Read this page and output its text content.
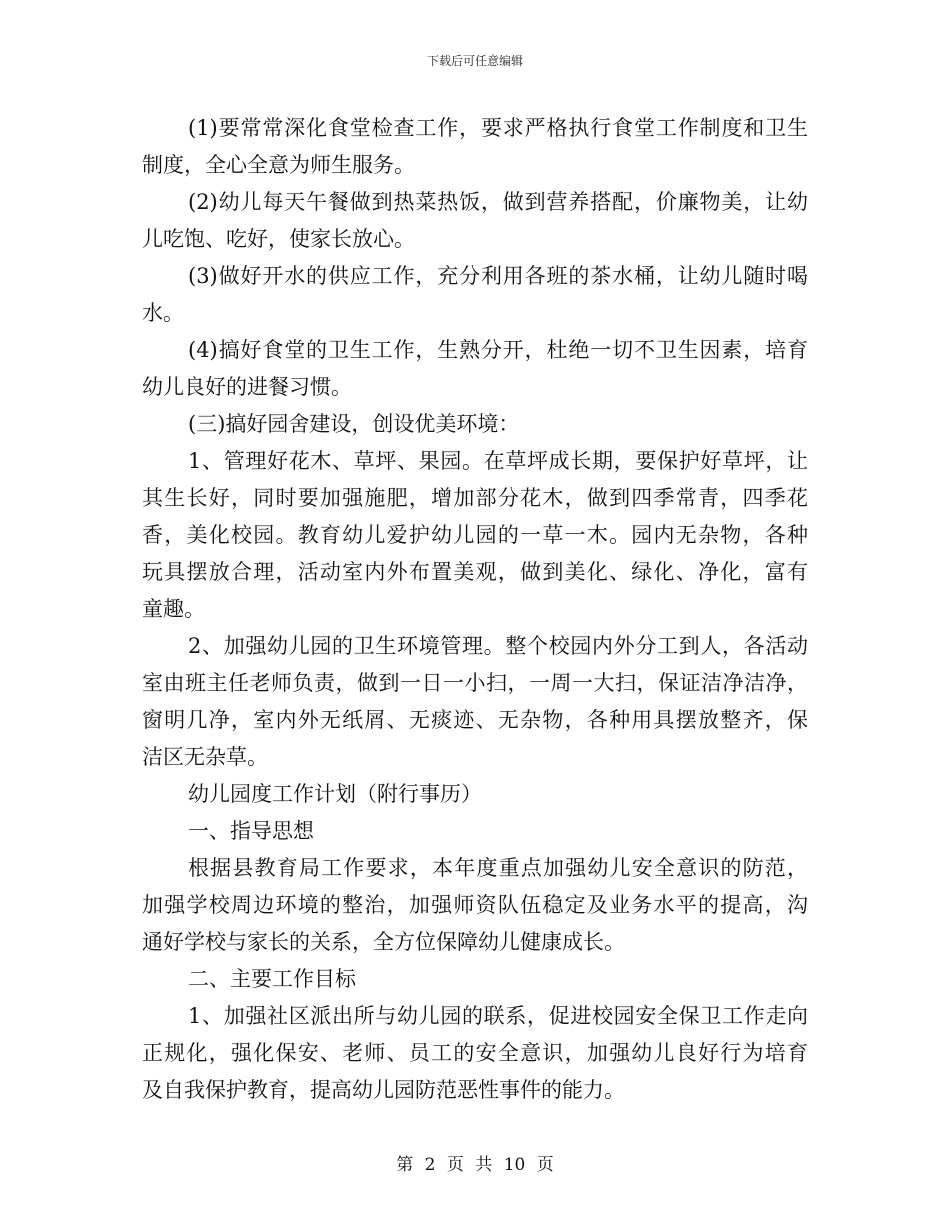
下载后可任意编辑
(1)要常常深化食堂检查工作，要求严格执行食堂工作制度和卫生
制度，全心全意为师生服务。
(2)幼儿每天午餐做到热菜热饭，做到营养搭配，价廉物美，让幼
儿吃饱、吃好，使家长放心。
(3)做好开水的供应工作，充分利用各班的茶水桶，让幼儿随时喝
水。
(4)搞好食堂的卫生工作，生熟分开，杜绝一切不卫生因素，培育
幼儿良好的进餐习惯。
(三)搞好园舍建设，创设优美环境：
1、管理好花木、草坪、果园。在草坪成长期，要保护好草坪，让
其生长好，同时要加强施肥，增加部分花木，做到四季常青，四季花
香，美化校园。教育幼儿爱护幼儿园的一草一木。园内无杂物，各种
玩具摆放合理，活动室内外布置美观，做到美化、绿化、净化，富有
童趣。
2、加强幼儿园的卫生环境管理。整个校园内外分工到人，各活动
室由班主任老师负责，做到一日一小扫，一周一大扫，保证洁净洁净，
窗明几净，室内外无纸屑、无痰迹、无杂物，各种用具摆放整齐，保
洁区无杂草。
幼儿园度工作计划（附行事历）
一、指导思想
根据县教育局工作要求，本年度重点加强幼儿安全意识的防范，
加强学校周边环境的整治，加强师资队伍稳定及业务水平的提高，沟
通好学校与家长的关系，全方位保障幼儿健康成长。
二、主要工作目标
1、加强社区派出所与幼儿园的联系，促进校园安全保卫工作走向
正规化，强化保安、老师、员工的安全意识，加强幼儿良好行为培育
及自我保护教育，提高幼儿园防范恶性事件的能力。
第 2 页 共 10 页
